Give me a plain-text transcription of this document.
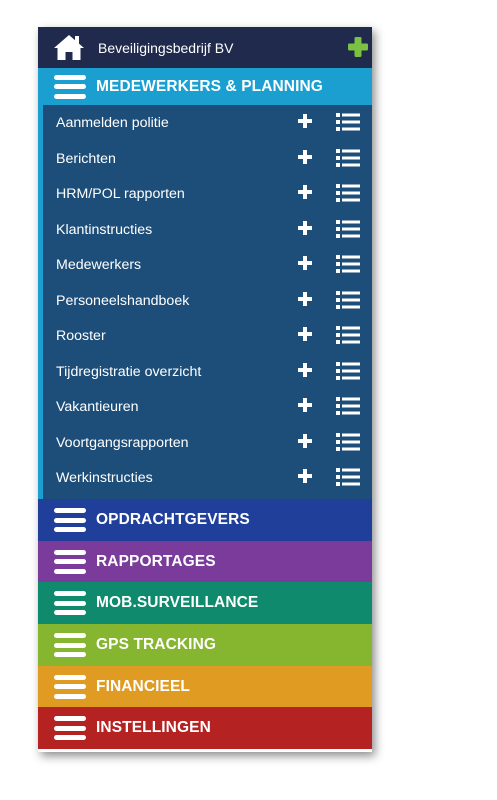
Beveiligingsbedrijf BV
MEDEWERKERS & PLANNING
Aanmelden politie
Berichten
HRM/POL rapporten
Klantinstructies
Medewerkers
Personeelshandboek
Rooster
Tijdregistratie overzicht
Vakantieuren
Voortgangsrapporten
Werkinstructies
OPDRACHTGEVERS
RAPPORTAGES
MOB.SURVEILLANCE
GPS TRACKING
FINANCIEEL
INSTELLINGEN
